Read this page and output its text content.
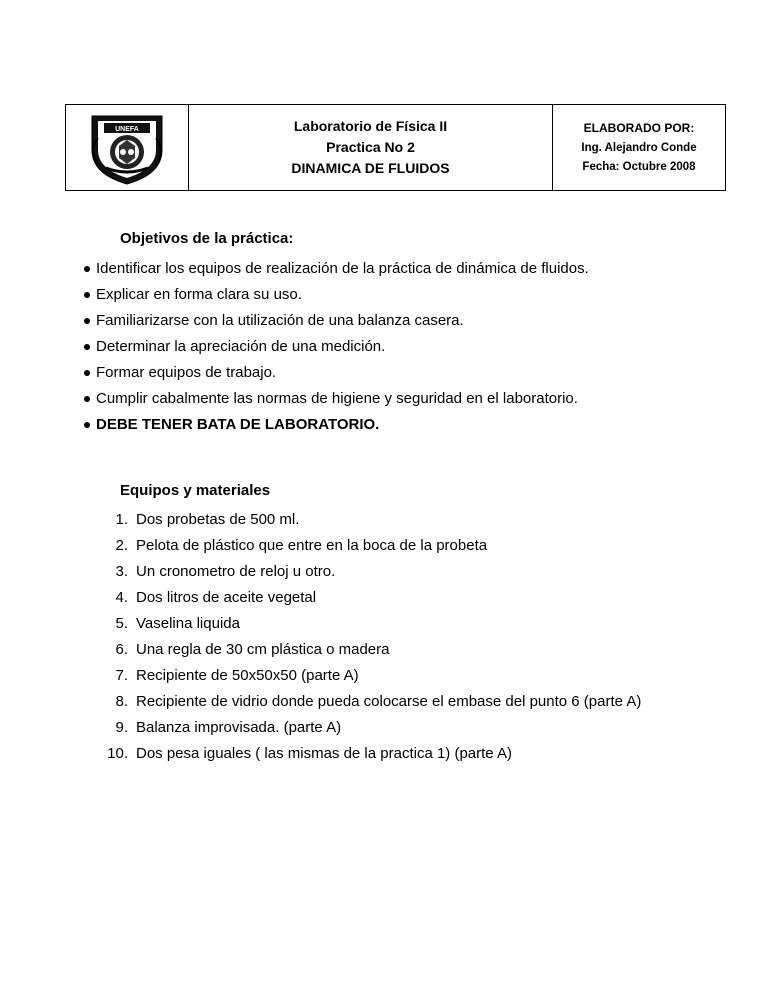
UNEFA	Laboratorio de Física II
Practica No 2
DINAMICA DE FLUIDOS
ELABORADO POR:
Ing. Alejandro Conde
Fecha: Octubre 2008
Objetivos de la práctica:
Identificar los equipos de realización de la práctica de dinámica de fluidos.
Explicar en forma clara su uso.
Familiarizarse con la utilización de una balanza casera.
Determinar la apreciación de una medición.
Formar equipos de trabajo.
Cumplir cabalmente las normas de higiene y seguridad en el laboratorio.
DEBE TENER BATA DE LABORATORIO.
Equipos y materiales
1. Dos probetas de 500 ml.
2. Pelota de plástico que entre en la boca de la probeta
3. Un cronometro de reloj u otro.
4. Dos litros de aceite vegetal
5. Vaselina liquida
6. Una regla de 30 cm plástica o madera
7. Recipiente de 50x50x50 (parte A)
8. Recipiente de vidrio donde pueda colocarse el embase del punto 6 (parte A)
9. Balanza improvisada. (parte A)
10. Dos pesa iguales ( las mismas de la practica 1) (parte A)
